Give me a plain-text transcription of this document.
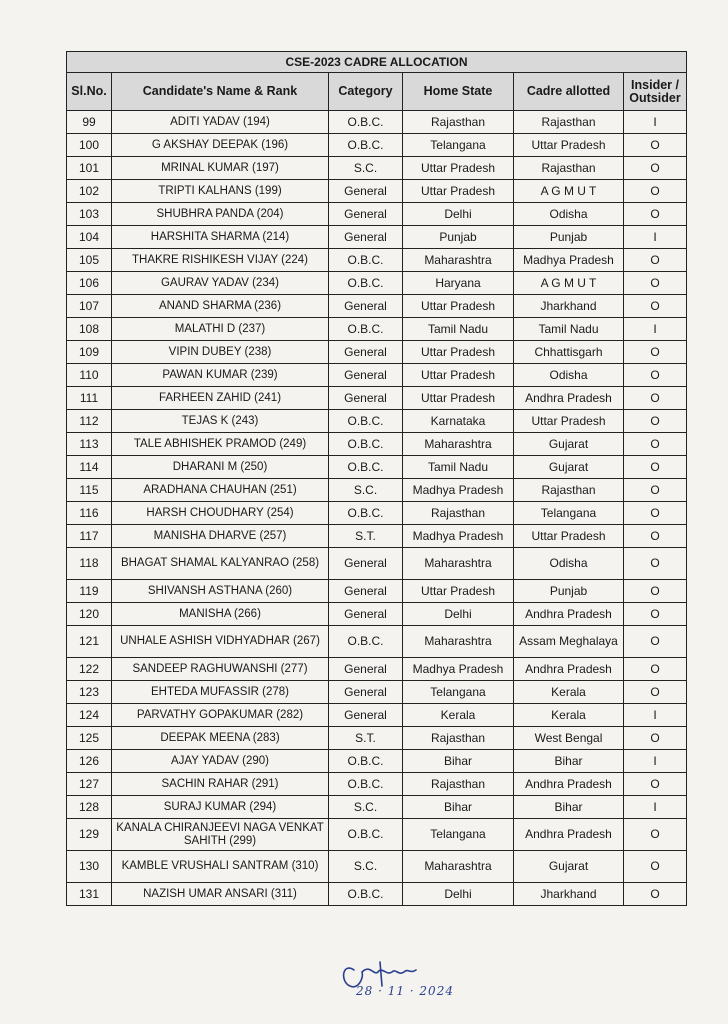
CSE-2023 CADRE ALLOCATION					
Sl.No.	Candidate's Name & Rank	Category	Home State	Cadre allotted	Insider / Outsider
99	ADITI YADAV (194)	O.B.C.	Rajasthan	Rajasthan	I
100	G AKSHAY DEEPAK (196)	O.B.C.	Telangana	Uttar Pradesh	O
101	MRINAL KUMAR (197)	S.C.	Uttar Pradesh	Rajasthan	O
102	TRIPTI KALHANS (199)	General	Uttar Pradesh	A G M U T	O
103	SHUBHRA PANDA (204)	General	Delhi	Odisha	O
104	HARSHITA SHARMA (214)	General	Punjab	Punjab	I
105	THAKRE RISHIKESH VIJAY (224)	O.B.C.	Maharashtra	Madhya Pradesh	O
106	GAURAV YADAV (234)	O.B.C.	Haryana	A G M U T	O
107	ANAND SHARMA (236)	General	Uttar Pradesh	Jharkhand	O
108	MALATHI D (237)	O.B.C.	Tamil Nadu	Tamil Nadu	I
109	VIPIN DUBEY (238)	General	Uttar Pradesh	Chhattisgarh	O
110	PAWAN KUMAR (239)	General	Uttar Pradesh	Odisha	O
111	FARHEEN ZAHID (241)	General	Uttar Pradesh	Andhra Pradesh	O
112	TEJAS K (243)	O.B.C.	Karnataka	Uttar Pradesh	O
113	TALE ABHISHEK PRAMOD (249)	O.B.C.	Maharashtra	Gujarat	O
114	DHARANI M (250)	O.B.C.	Tamil Nadu	Gujarat	O
115	ARADHANA CHAUHAN (251)	S.C.	Madhya Pradesh	Rajasthan	O
116	HARSH CHOUDHARY (254)	O.B.C.	Rajasthan	Telangana	O
117	MANISHA DHARVE (257)	S.T.	Madhya Pradesh	Uttar Pradesh	O
118	BHAGAT SHAMAL KALYANRAO (258)	General	Maharashtra	Odisha	O
119	SHIVANSH ASTHANA (260)	General	Uttar Pradesh	Punjab	O
120	MANISHA (266)	General	Delhi	Andhra Pradesh	O
121	UNHALE ASHISH VIDHYADHAR (267)	O.B.C.	Maharashtra	Assam Meghalaya	O
122	SANDEEP RAGHUWANSHI (277)	General	Madhya Pradesh	Andhra Pradesh	O
123	EHTEDA MUFASSIR (278)	General	Telangana	Kerala	O
124	PARVATHY GOPAKUMAR (282)	General	Kerala	Kerala	I
125	DEEPAK MEENA (283)	S.T.	Rajasthan	West Bengal	O
126	AJAY YADAV (290)	O.B.C.	Bihar	Bihar	I
127	SACHIN RAHAR (291)	O.B.C.	Rajasthan	Andhra Pradesh	O
128	SURAJ KUMAR (294)	S.C.	Bihar	Bihar	I
129	KANALA CHIRANJEEVI NAGA VENKAT SAHITH (299)	O.B.C.	Telangana	Andhra Pradesh	O
130	KAMBLE VRUSHALI SANTRAM (310)	S.C.	Maharashtra	Gujarat	O
131	NAZISH UMAR ANSARI (311)	O.B.C.	Delhi	Jharkhand	O
28 · 11 · 2024
